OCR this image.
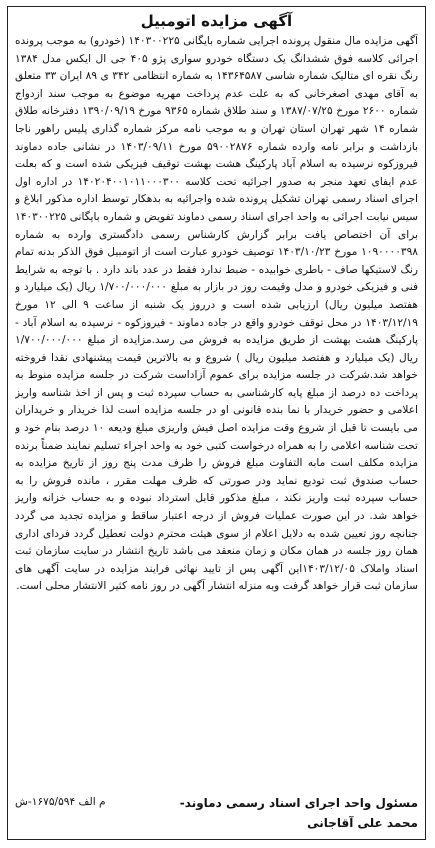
آگهی مزایده اتومبیل

آگهی مزایده مال منقول پرونده اجرایی شماره بایگانی ۱۴۰۳۰۰۲۲۵ (خودرو) به موجب پرونده اجرائی کلاسه فوق ششدانگ یک دستگاه خودرو سواری پژو ۴۰۵ جی ال ایکس مدل ۱۳۸۴ رنگ نقره ای متالیک شماره شاسی ۱۴۳۶۴۵۸۷ به شماره انتظامی ۳۴۲ ی ۸۹ ایران ۳۳ متعلق به آقای مهدی اصغرخانی که به علت عدم پرداخت مهریه موضوع به موجب سند ازدواج شماره ۲۶۰۰ مورخ ۱۳۸۷/۰۷/۲۵ و سند طلاق شماره ۹۳۶۵ مورخ ۱۳۹۰/۰۹/۱۹ دفترخانه طلاق شماره ۱۴ شهر تهران استان تهران و به موجب نامه مرکز شماره گذاری پلیس راهور ناجا بازداشت و برابر نامه وارده شماره ۵۹۰۰۲۸۷۶ مورخ ۱۴۰۳/۰۹/۱۱ در نشانی جاده دماوند فیروزکوه نرسیده به اسلام آباد پارکینگ هشت بهشت توقیف فیزیکی شده است و که بعلت عدم ایفای تعهد منجر به صدور اجرائیه تحت کلاسه ۱۴۰۲۰۴۰۰۱۰۱۱۰۰۰۳۰۰ در اداره اول اجرای اسناد رسمی تهران تشکیل پرونده شده واجرائیه به بدهکار توسط اداره مذکور ابلاغ و سیس نیابت اجرائی به واحد اجرای اسناد رسمی دماوند تفویض و شماره بایگانی ۱۴۰۳۰۰۲۲۵ برای آن اختصاص یافت برابر گزارش کارشناس رسمی دادگستری وارده به شماره ۱۰۹۰۰۰۰۳۹۸ مورخ ۱۴۰۳/۱۰/۲۳ توصیف خودرو عبارت است از اتومبیل فوق الذکر بدنه تمام رنگ لاستیکها صاف - باطری خوابیده - ضبط ندارد فقط در عدد باند دارد . با توجه به شرایط فنی و فیزیکی خودرو و مدل وقیمت روز در بازار به مبلغ ۱/۷۰۰/۰۰۰/۰۰۰ ریال (یک میلیارد و هفتصد میلیون ریال) ارزیابی شده است و درروز یک شنبه از ساعت ۹ الی ۱۲ مورخ ۱۴۰۳/۱۲/۱۹ در محل توقف خودرو واقع در جاده دماوند - فیروزکوه - نرسیده به اسلام آباد - پارکینگ هشت بهشت از طریق مزایده به فروش می رسد.مزایده از مبلغ ۱/۷۰۰/۰۰۰/۰۰۰ ریال (یک میلیارد و هفتصد میلیون ریال ) شروع و به بالاترین قیمت پیشنهادی نقدا فروخته خواهد شد.شرکت در جلسه مزایده برای عموم آزاداست شرکت در جلسه مزایده منوط به پرداخت ده درصد از مبلغ پایه کارشناسی به حساب سپرده ثبت و پس از اخذ شناسه واریز اعلامی و حضور خریدار با نما بنده قانونی او در جلسه مزایده است لذا خریدار و خریداران می بایست تا قبل از شروع وقت مزایده اصل فیش واریزی مبلغ ودیعه ۱۰ درصد بنام خود و تحت شناسه اعلامی را به همراه درخواست کتبی خود به واحد اجراء تسلیم نمایند ضمناً برنده مزایده مکلف است مابه التفاوت مبلغ فروش را ظرف مدت پنج روز از تاریخ مزایده به حساب صندوق ثبت توديع نمايد ودر صورتی که ظرف مهلت مقرر ، مانده فروش را به حساب سپرده ثبت واریز نکند ، مبلغ مذکور قابل استرداد نبوده و به حساب خزانه واریز خواهد شد. در این صورت عملیات فروش از درجه اعتبار ساقط و مزایده تجدید می گردد جنانچه روز تعیین شده به دلایل اعلام از سوی هیئت محترم دولت تعطیل گردد فردای اداری همان روز جلسه در همان مکان و زمان منعقد می باشد تاریخ انتشار در سایت سازمان ثبت اسناد واملاک ۱۴۰۳/۱۲/۰۵این آگهی پس از تایید نهائی فرایند مزایده در سایت آگهی های سازمان ثبت قرار خواهد گرفت وبه منزله انتشار آگهی در روز نامه کثیر الانتشار محلی است.

مسئول واحد اجرای اسناد رسمی دماوند-
محمد علی آقاجانی
م الف ۱۶۷۵/۵۹۴-ش
